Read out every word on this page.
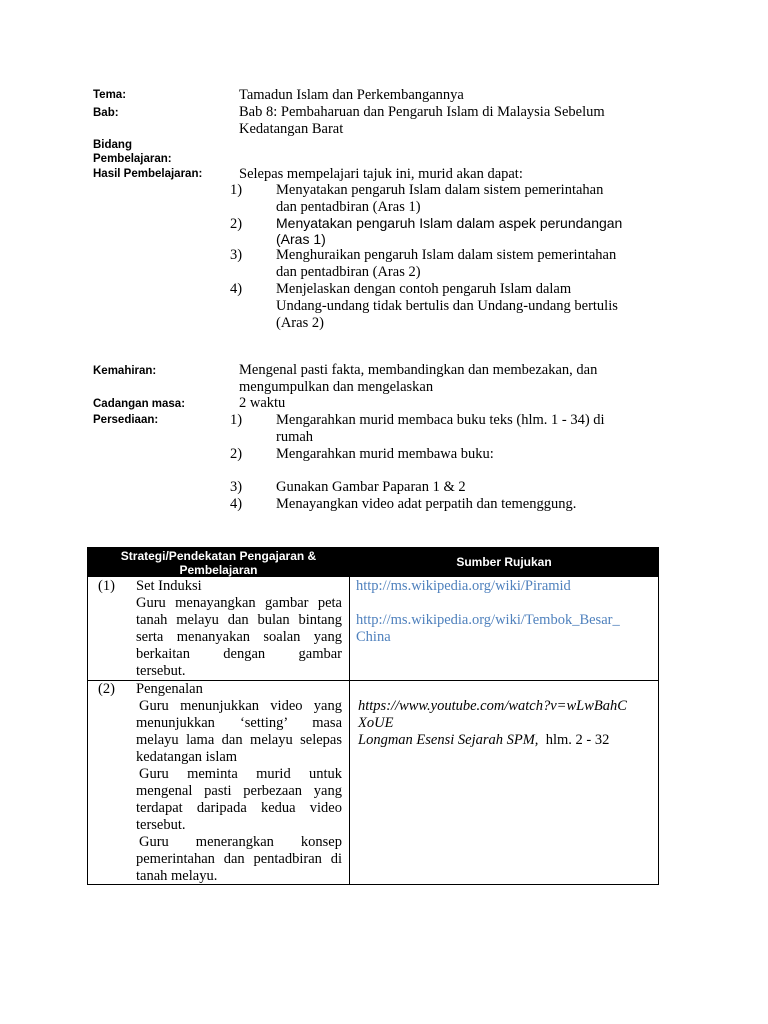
Tema:
Bab:
Bidang
Pembelajaran:
Hasil Pembelajaran:
Kemahiran:
Cadangan masa:
Persediaan:
Tamadun Islam dan Perkembangannya
Bab 8: Pembaharuan dan Pengaruh Islam di Malaysia Sebelum
Kedatangan Barat
Selepas mempelajari tajuk ini, murid akan dapat:
1) Menyatakan pengaruh Islam dalam sistem pemerintahan
dan pentadbiran (Aras 1)
2) Menyatakan pengaruh Islam dalam aspek perundangan
(Aras 1)
3) Menghuraikan pengaruh Islam dalam sistem pemerintahan
dan pentadbiran (Aras 2)
4) Menjelaskan dengan contoh pengaruh Islam dalam
Undang-undang tidak bertulis dan Undang-undang bertulis
(Aras 2)
Mengenal pasti fakta, membandingkan dan membezakan, dan
mengumpulkan dan mengelaskan
2 waktu
1) Mengarahkan murid membaca buku teks (hlm. 1 - 34) di
rumah
2) Mengarahkan murid membawa buku:
3) Gunakan Gambar Paparan 1 & 2
4) Menayangkan video adat perpatih dan temenggung.
Strategi/Pendekatan Pengajaran &
Pembelajaran
Sumber Rujukan
(1) Set Induksi
Guru menayangkan gambar peta
tanah melayu dan bulan bintang
serta menanyakan soalan yang
berkaitan dengan gambar
tersebut.
http://ms.wikipedia.org/wiki/Piramid
http://ms.wikipedia.org/wiki/Tembok_Besar_
China
(2) Pengenalan
Guru menunjukkan video yang
menunjukkan ‘setting’ masa
melayu lama dan melayu selepas
kedatangan islam
Guru meminta murid untuk
mengenal pasti perbezaan yang
terdapat daripada kedua video
tersebut.
Guru menerangkan konsep
pemerintahan dan pentadbiran di
tanah melayu.
https://www.youtube.com/watch?v=wLwBahC
XoUE
Longman Esensi Sejarah SPM, hlm. 2 - 32
